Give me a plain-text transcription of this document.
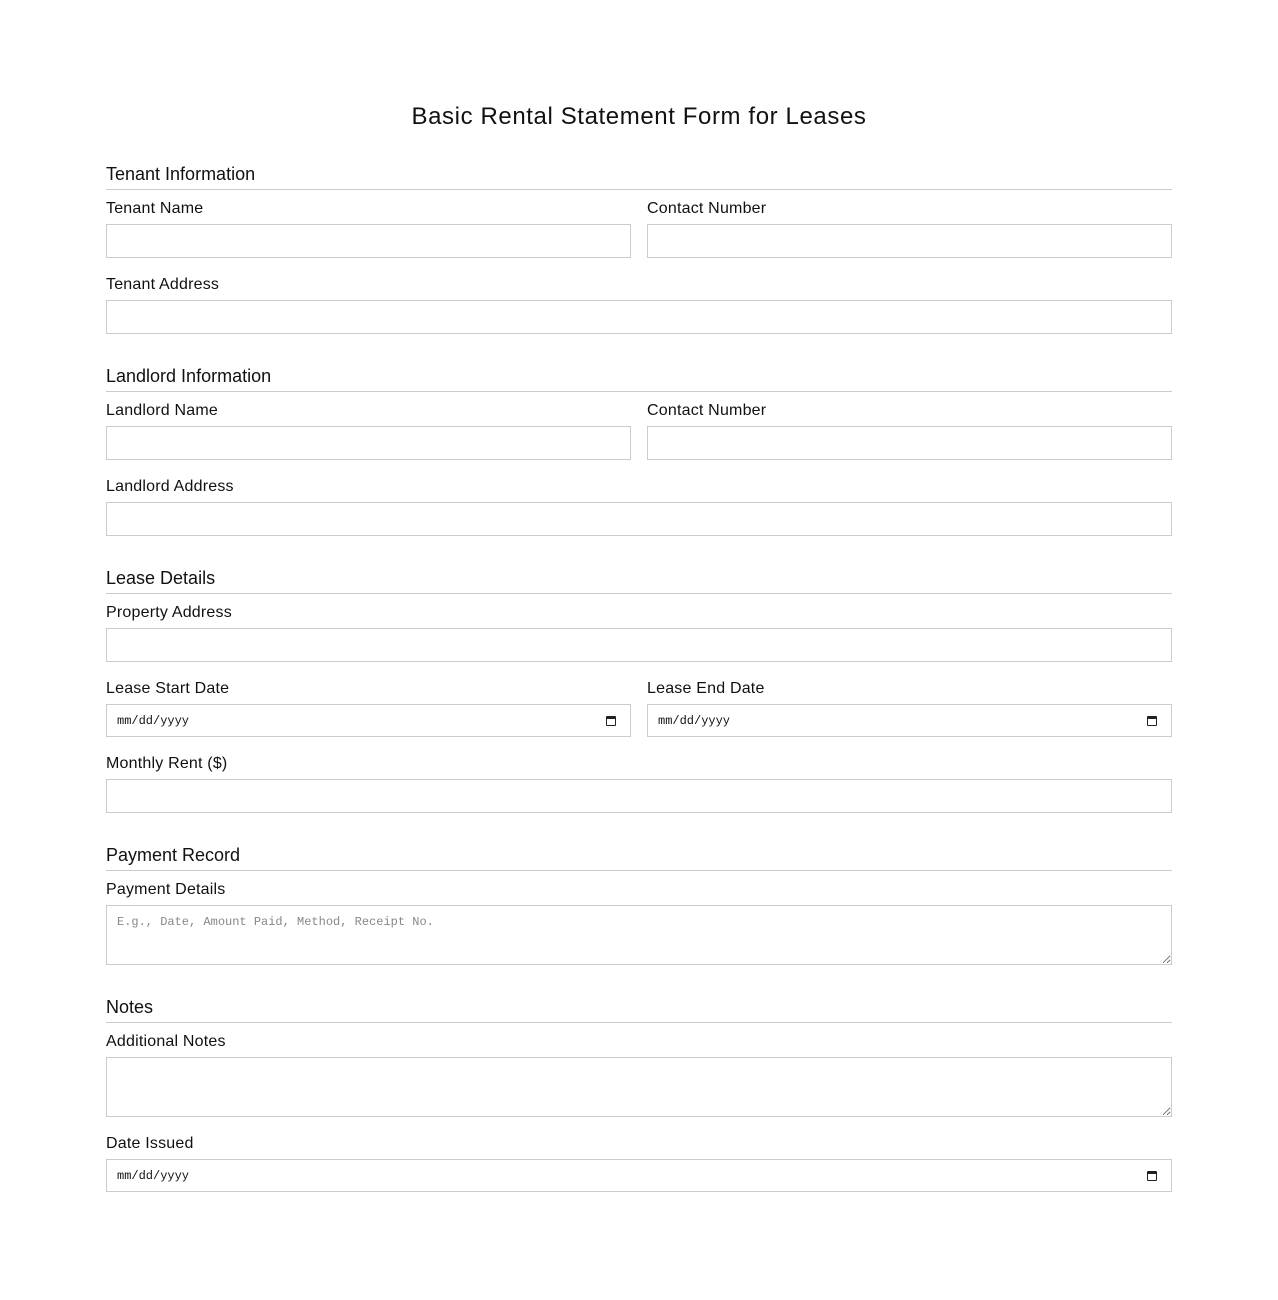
Basic Rental Statement Form for Leases
Tenant Information
Tenant Name	Contact Number
Tenant Address
Landlord Information
Landlord Name	Contact Number
Landlord Address
Lease Details
Property Address
Lease Start Date
mm/dd/yyyy
Lease End Date
mm/dd/yyyy
Monthly Rent ($)
Payment Record
Payment Details
E.g., Date, Amount Paid, Method, Receipt No.
Notes
Additional Notes
Date Issued
mm/dd/yyyy
